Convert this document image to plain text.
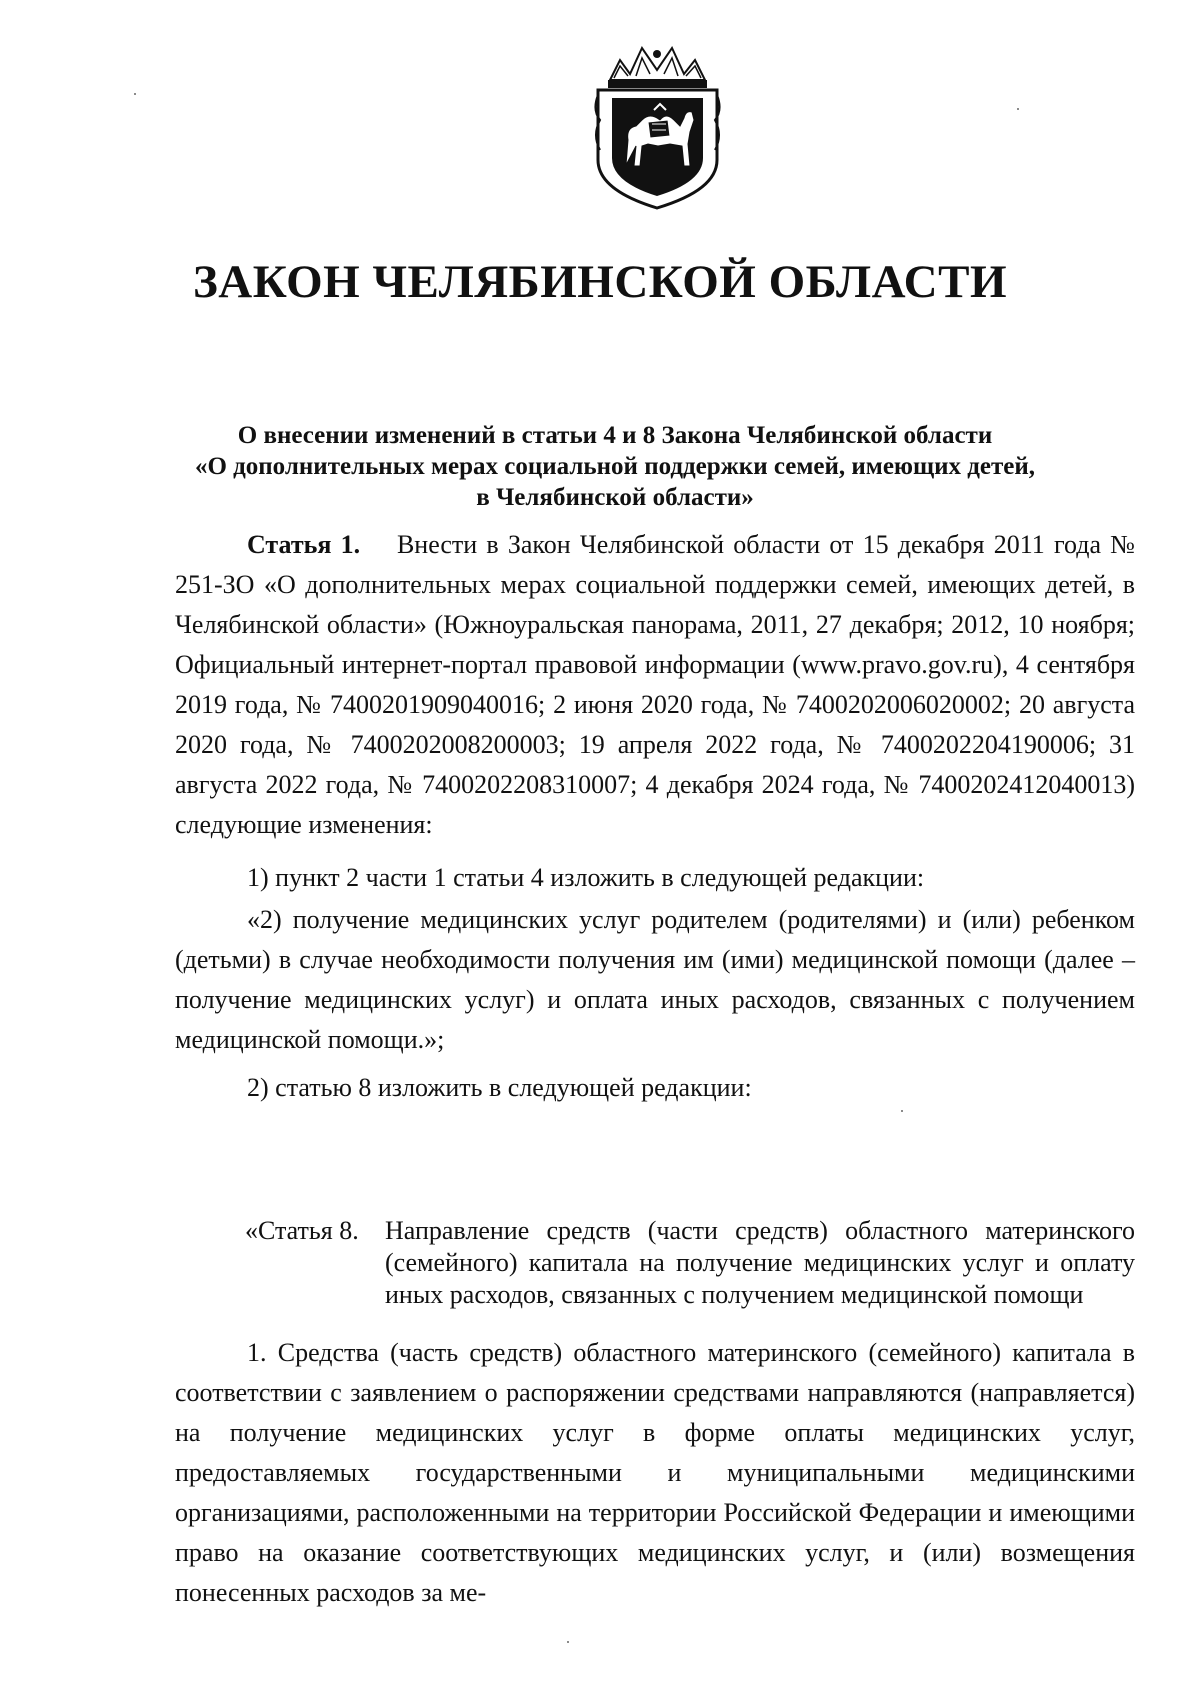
ЗАКОН ЧЕЛЯБИНСКОЙ ОБЛАСТИ
О внесении изменений в статьи 4 и 8 Закона Челябинской области
«О дополнительных мерах социальной поддержки семей, имеющих детей,
в Челябинской области»

Статья 1. Внести в Закон Челябинской области от 15 декабря 2011 года № 251-ЗО «О дополнительных мерах социальной поддержки семей, имеющих детей, в Челябинской области» (Южноуральская панорама, 2011, 27 декабря; 2012, 10 ноября; Официальный интернет-портал правовой информации (www.pravo.gov.ru), 4 сентября 2019 года, № 7400201909040016; 2 июня 2020 года, № 7400202006020002; 20 августа 2020 года, № 7400202008200003; 19 апреля 2022 года, № 7400202204190006; 31 августа 2022 года, № 7400202208310007; 4 декабря 2024 года, № 7400202412040013) следующие изменения:

1) пункт 2 части 1 статьи 4 изложить в следующей редакции:

«2) получение медицинских услуг родителем (родителями) и (или) ребенком (детьми) в случае необходимости получения им (ими) медицинской помощи (далее – получение медицинских услуг) и оплата иных расходов, связанных с получением медицинской помощи.»;

2) статью 8 изложить в следующей редакции:

«Статья 8.	Направление средств (части средств) областного материнского (семейного) капитала на получение медицинских услуг и оплату иных расходов, связанных с получением медицинской помощи

1. Средства (часть средств) областного материнского (семейного) капитала в соответствии с заявлением о распоряжении средствами направляются (направляется) на получение медицинских услуг в форме оплаты медицинских услуг, предоставляемых государственными и муниципальными медицинскими организациями, расположенными на территории Российской Федерации и имеющими право на оказание соответствующих медицинских услуг, и (или) возмещения понесенных расходов за ме-
